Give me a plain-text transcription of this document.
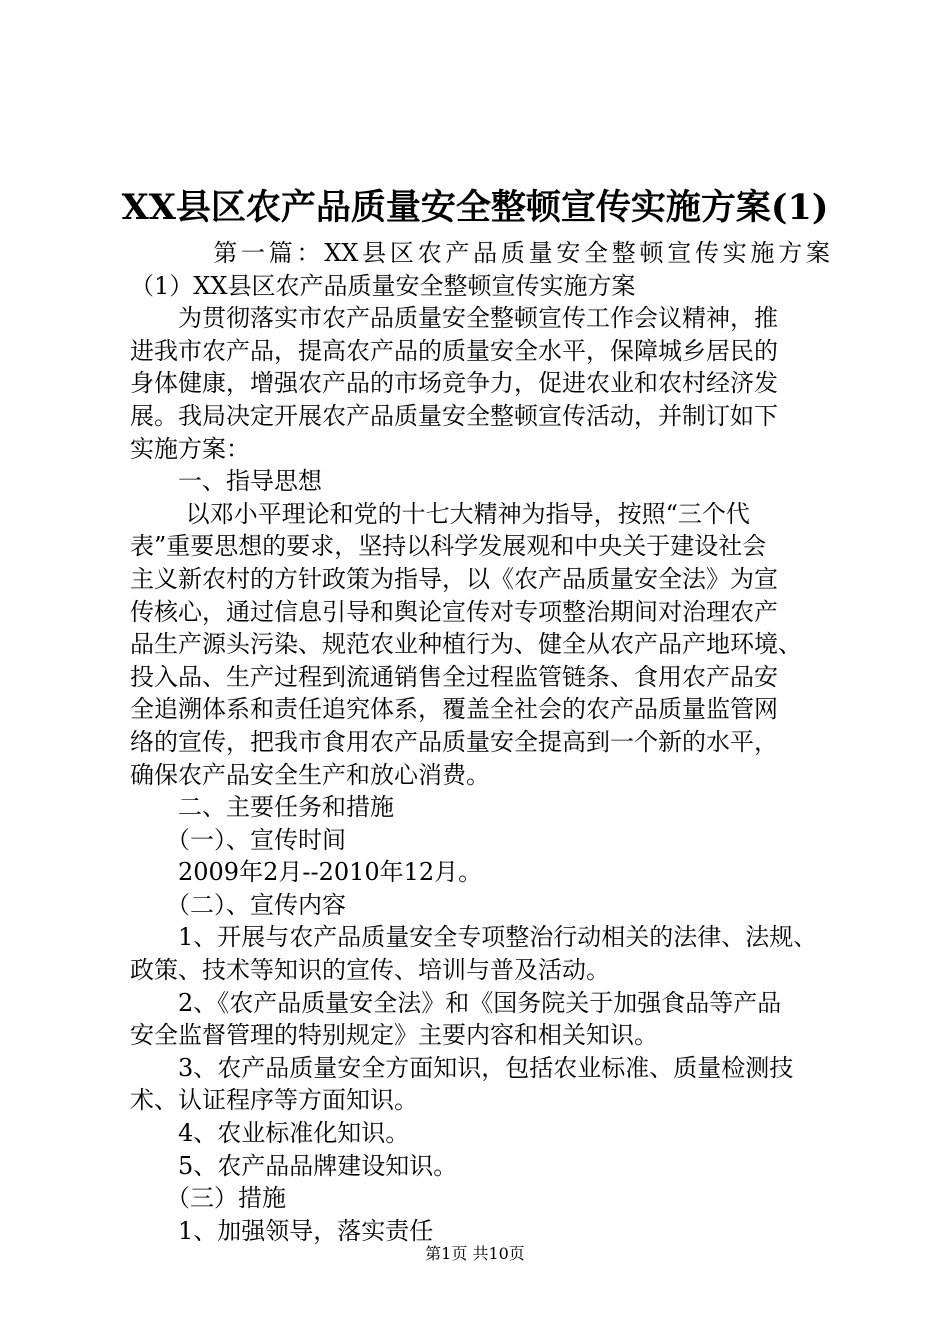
XX县区农产品质量安全整顿宣传实施方案(1)
　　　第一篇：XX县区农产品质量安全整顿宣传实施方案
（1）XX县区农产品质量安全整顿宣传实施方案
　　为贯彻落实市农产品质量安全整顿宣传工作会议精神，推
进我市农产品，提高农产品的质量安全水平，保障城乡居民的
身体健康，增强农产品的市场竞争力，促进农业和农村经济发
展。我局决定开展农产品质量安全整顿宣传活动，并制订如下
实施方案：
　　一、指导思想
　　 以邓小平理论和党的十七大精神为指导，按照“三个代
表”重要思想的要求，坚持以科学发展观和中央关于建设社会
主义新农村的方针政策为指导，以《农产品质量安全法》为宣
传核心，通过信息引导和舆论宣传对专项整治期间对治理农产
品生产源头污染、规范农业种植行为、健全从农产品产地环境、
投入品、生产过程到流通销售全过程监管链条、食用农产品安
全追溯体系和责任追究体系，覆盖全社会的农产品质量监管网
络的宣传，把我市食用农产品质量安全提高到一个新的水平，
确保农产品安全生产和放心消费。
　　二、主要任务和措施
　　（一）、宣传时间
　　2009年2月--2010年12月。
　　（二）、宣传内容
　　1、开展与农产品质量安全专项整治行动相关的法律、法规、
政策、技术等知识的宣传、培训与普及活动。
　　2、《农产品质量安全法》和《国务院关于加强食品等产品
安全监督管理的特别规定》主要内容和相关知识。
　　3、农产品质量安全方面知识，包括农业标准、质量检测技
术、认证程序等方面知识。
　　4、农业标准化知识。
　　5、农产品品牌建设知识。
　　（三）措施
　　1、加强领导，落实责任
第1页 共10页
